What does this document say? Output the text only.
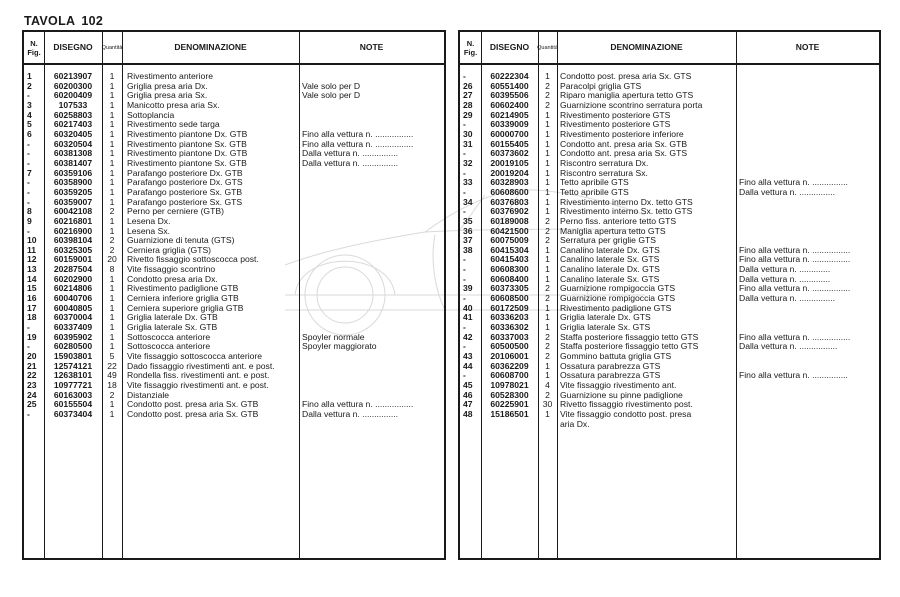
TAVOLA 102
N. Fig.	DISEGNO	Quantità	DENOMINAZIONE	NOTE
1	60213907	1	Rivestimento anteriore
2	60200300	1	Griglia presa aria Dx.	Vale solo per D
-	60200409	1	Griglia presa aria Sx.	Vale solo per D
3	107533	1	Manicotto presa aria Sx.
4	60258803	1	Sottoplancia
5	60217403	1	Rivestimento sede targa
6	60320405	1	Rivestimento piantone Dx. GTB	Fino alla vettura n. ................
-	60320504	1	Rivestimento piantone Sx. GTB	Fino alla vettura n. ................
-	60381308	1	Rivestimento piantone Dx. GTB	Dalla vettura n. ...............
-	60381407	1	Rivestimento piantone Sx. GTB	Dalla vettura n. ...............
7	60359106	1	Parafango posteriore Dx. GTB
-	60358900	1	Parafango posteriore Dx. GTS
-	60359205	1	Parafango posteriore Sx. GTB
-	60359007	1	Parafango posteriore Sx. GTS
8	60042108	2	Perno per cerniere (GTB)
9	60216801	1	Lesena Dx.
-	60216900	1	Lesena Sx.
10	60398104	2	Guarnizione di tenuta (GTS)
11	60325305	2	Cerniera griglia (GTS)
12	60159001	20	Rivetto fissaggio sottoscocca post.
13	20287504	8	Vite fissaggio scontrino
14	60202900	1	Condotto presa aria Dx.
15	60214806	1	Rivestimento padiglione GTB
16	60040706	1	Cerniera inferiore griglia GTB
17	60040805	1	Cerniera superiore griglia GTB
18	60370004	1	Griglia laterale Dx. GTB
-	60337409	1	Griglia laterale Sx. GTB
19	60395902	1	Sottoscocca anteriore	Spoyler normale
-	60280500	1	Sottoscocca anteriore	Spoyler maggiorato
20	15903801	5	Vite fissaggio sottoscocca anteriore
21	12574121	22	Dado fissaggio rivestimenti ant. e post.
22	12638101	49	Rondella fiss. rivestimenti ant. e post.
23	10977721	18	Vite fissaggio rivestimenti ant. e post.
24	60163003	2	Distanziale
25	60155504	1	Condotto post. presa aria Sx. GTB	Fino alla vettura n. ................
-	60373404	1	Condotto post. presa aria Sx. GTB	Dalla vettura n. ...............
N. Fig.	DISEGNO	Quantità	DENOMINAZIONE	NOTE
-	60222304	1	Condotto post. presa aria Sx. GTS
26	60551400	2	Paracolpi griglia GTS
27	60395506	2	Riparo maniglia apertura tetto GTS
28	60602400	2	Guarnizione scontrino serratura porta
29	60214905	1	Rivestimento posteriore GTS
-	60339009	1	Rivestimento posteriore GTS
30	60000700	1	Rivestimento posteriore inferiore
31	60155405	1	Condotto ant. presa aria Sx. GTB
-	60373602	1	Condotto ant. presa aria Sx. GTS
32	20019105	1	Riscontro serratura Dx.
-	20019204	1	Riscontro serratura Sx.
33	60328903	1	Tetto apribile GTS	Fino alla vettura n. ...............
-	60608600	1	Tetto apribile GTS	Dalla vettura n. ...............
34	60376803	1	Rivestimento interno Dx. tetto GTS
-	60376902	1	Rivestimento interno Sx. tetto GTS
35	60189008	2	Perno fiss. anteriore tetto GTS
36	60421500	2	Maniglia apertura tetto GTS
37	60075009	2	Serratura per griglie GTS
38	60415304	1	Canalino laterale Dx. GTS	Fino alla vettura n. ................
-	60415403	1	Canalino laterale Sx. GTS	Fino alla vettura n. ................
-	60608300	1	Canalino laterale Dx. GTS	Dalla vettura n. .............
-	60608400	1	Canalino laterale Sx. GTS	Dalla vettura n. .............
39	60373305	2	Guarnizione rompigoccia GTS	Fino alla vettura n. ................
-	60608500	2	Guarnizione rompigoccia GTS	Dalla vettura n. ...............
40	60172509	1	Rivestimento padiglione GTS
41	60336203	1	Griglia laterale Dx. GTS
-	60336302	1	Griglia laterale Sx. GTS
42	60337003	2	Staffa posteriore fissaggio tetto GTS	Fino alla vettura n. ................
-	60500500	2	Staffa posteriore fissaggio tetto GTS	Dalla vettura n. ................
43	20106001	2	Gommino battuta griglia GTS
44	60362209	1	Ossatura parabrezza GTS
-	60608700	1	Ossatura parabrezza GTS	Fino alla vettura n. ...............
45	10978021	4	Vite fissaggio rivestimento ant.
46	60528300	2	Guarnizione su pinne padiglione
47	60225901	30 Rivetto fissaggio rivestimento post.
48	15186501	1	Vite fissaggio condotto post. presa
aria Dx.
